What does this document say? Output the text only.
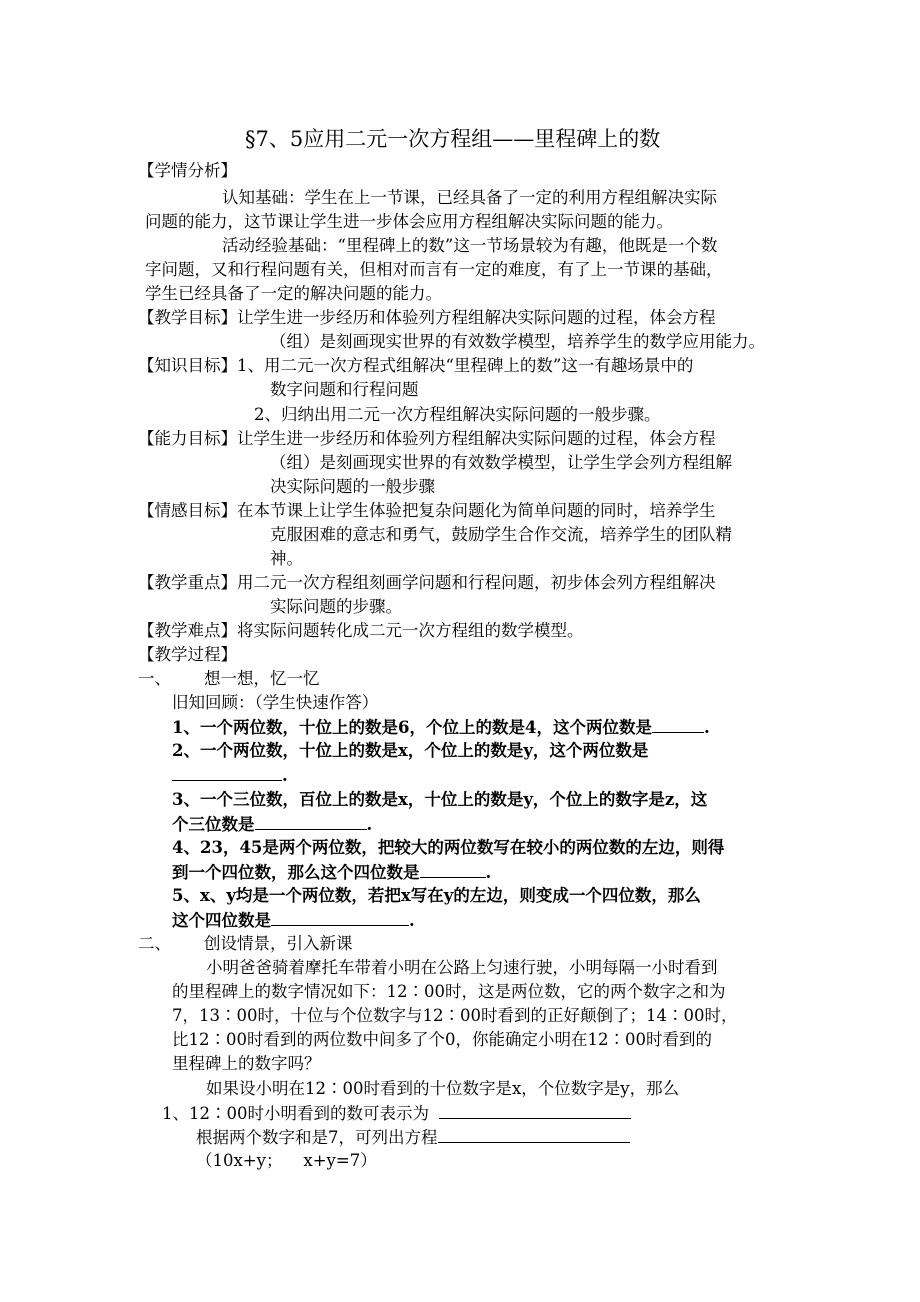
§7、5应用二元一次方程组——里程碑上的数
【学情分析】
认知基础：学生在上一节课，已经具备了一定的利用方程组解决实际
问题的能力，这节课让学生进一步体会应用方程组解决实际问题的能力。
活动经验基础：“里程碑上的数”这一节场景较为有趣，他既是一个数
字问题，又和行程问题有关，但相对而言有一定的难度，有了上一节课的基础，
学生已经具备了一定的解决问题的能力。
【教学目标】让学生进一步经历和体验列方程组解决实际问题的过程，体会方程
（组）是刻画现实世界的有效数学模型，培养学生的数学应用能力。
【知识目标】1、用二元一次方程式组解决“里程碑上的数”这一有趣场景中的
数字问题和行程问题
2、归纳出用二元一次方程组解决实际问题的一般步骤。
【能力目标】让学生进一步经历和体验列方程组解决实际问题的过程，体会方程
（组）是刻画现实世界的有效数学模型，让学生学会列方程组解
决实际问题的一般步骤
【情感目标】在本节课上让学生体验把复杂问题化为简单问题的同时，培养学生
克服困难的意志和勇气，鼓励学生合作交流，培养学生的团队精
神。
【教学重点】用二元一次方程组刻画学问题和行程问题，初步体会列方程组解决
实际问题的步骤。
【教学难点】将实际问题转化成二元一次方程组的数学模型。
【教学过程】
一、 想一想，忆一忆
旧知回顾：（学生快速作答）
1、一个两位数，十位上的数是6，个位上的数是4，这个两位数是	.
2、一个两位数，十位上的数是x，个位上的数是y，这个两位数是
.
3、一个三位数，百位上的数是x，十位上的数是y，个位上的数字是z，这
个三位数是	.
4、23，45是两个两位数，把较大的两位数写在较小的两位数的左边，则得
到一个四位数，那么这个四位数是	.
5、x、y均是一个两位数，若把x写在y的左边，则变成一个四位数，那么
这个四位数是	.
二、 创设情景，引入新课
小明爸爸骑着摩托车带着小明在公路上匀速行驶，小明每隔一小时看到
的里程碑上的数字情况如下：12∶00时，这是两位数，它的两个数字之和为
7，13∶00时，十位与个位数字与12∶00时看到的正好颠倒了；14∶00时，
比12∶00时看到的两位数中间多了个0，你能确定小明在12∶00时看到的
里程碑上的数字吗？
如果设小明在12∶00时看到的十位数字是x，个位数字是y，那么
1、12∶00时小明看到的数可表示为
根据两个数字和是7，可列出方程
（10x+y；    x+y=7）
